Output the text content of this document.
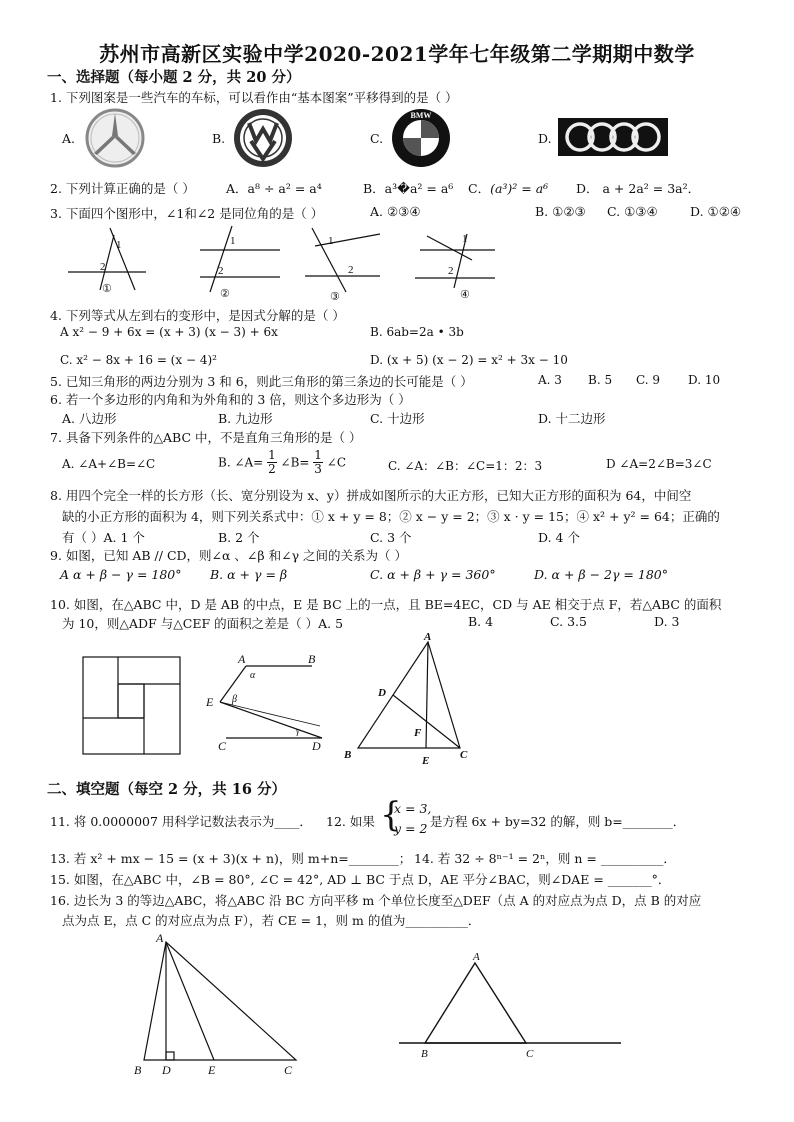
苏州市高新区实验中学2020-2021学年七年级第二学期期中数学
一、选择题（每小题 2 分，共 20 分）
1. 下列图案是一些汽车的车标，可以看作由“基本图案”平移得到的是（ ）
A.	B.	C.
BMW
D.
2. 下列计算正确的是（ ） A．a⁸ ÷ a² = a⁴	B．a³�a² = a⁶ C．(a³)² = a⁶ D． a + 2a² = 3a²．
3. 下面四个图形中，∠1和∠2 是同位角的是（ ）	A. ②③④	B. ①②③ C. ①③④	D. ①②④
1
2
①
1
2
②
1
2
③
1
2
④
4. 下列等式从左到右的变形中，是因式分解的是（ ）
A x² − 9 + 6x = (x + 3) (x − 3) + 6x	B. 6ab=2a • 3b
C. x² − 8x + 16 = (x − 4)²	D. (x + 5) (x − 2) = x² + 3x − 10
5. 已知三角形的两边分别为 3 和 6，则此三角形的第三条边的长可能是（ ）	A. 3 B. 5 C. 9 D. 10
6. 若一个多边形的内角和为外角和的 3 倍，则这个多边形为（ ）
A. 八边形	B. 九边形	C. 十边形	D. 十二边形
7. 具备下列条件的△ABC 中，不是直角三角形的是（ ）
A. ∠A+∠B=∠C	B. ∠A= $\frac{1}{2}$ ∠B= $\frac{1}{3}$ ∠C	C. ∠A：∠B：∠C=1：2：3	D ∠A=2∠B=3∠C
8. 用四个完全一样的长方形（长、宽分别设为 x、y）拼成如图所示的大正方形，已知大正方形的面积为 64，中间空
缺的小正方形的面积为 4，则下列关系式中：① x + y = 8；② x − y = 2；③ x · y = 15；④ x² + y² = 64；正确的
有（ ）A. 1 个	B. 2 个	C. 3 个	D. 4 个
9. 如图，已知 AB // CD，则∠α 、∠β 和∠γ 之间的关系为（ ）
A α + β − γ = 180° B. α + γ = β	C. α + β + γ = 360°	D. α + β − 2γ = 180°
10. 如图，在△ABC 中，D 是 AB 的中点，E 是 BC 上的一点，且 BE=4EC，CD 与 AE 相交于点 F，若△ABC 的面积
为 10，则△ADF 与△CEF 的面积之差是（ ）A. 5	B. 4	C. 3.5	D. 3
A	B
E
C	D
α
β
γ
A
D
F
B	E	C
二、填空题（每空 2 分，共 16 分）
11. 将 0.0000007 用科学记数法表示为____． 12. 如果 {
x = 3,
y = 2 是方程 6x + by=32 的解，则 b=________．
13. 若 x² + mx − 15 = (x + 3)(x + n)，则 m+n=________； 14. 若 32 ÷ 8ⁿ⁻¹ = 2ⁿ，则 n = __________．
15. 如图，在△ABC 中，∠B = 80°, ∠C = 42°, AD ⊥ BC 于点 D，AE 平分∠BAC，则∠DAE = _______°．
16. 边长为 3 的等边△ABC，将△ABC 沿 BC 方向平移 m 个单位长度至△DEF（点 A 的对应点为点 D，点 B 的对应
点为点 E，点 C 的对应点为点 F），若 CE = 1，则 m 的值为__________．
A
B D	E	C
A
B	C
